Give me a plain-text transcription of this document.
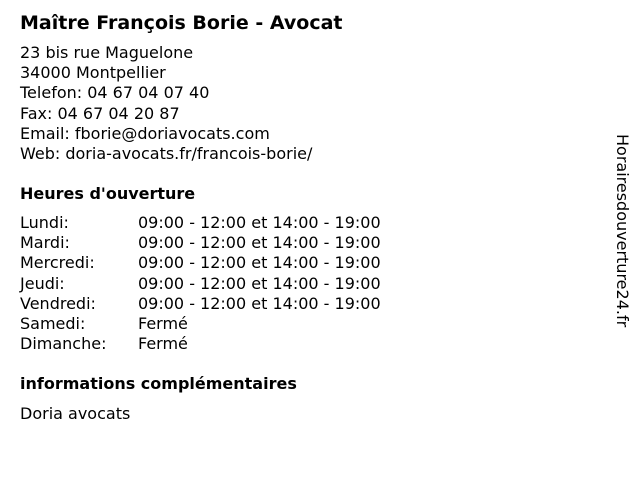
Maître François Borie - Avocat
23 bis rue Maguelone
34000 Montpellier
Telefon: 04 67 04 07 40
Fax: 04 67 04 20 87
Email: fborie@doriavocats.com
Web: doria-avocats.fr/francois-borie/
Heures d'ouverture
Lundi:	09:00 - 12:00 et 14:00 - 19:00
Mardi:	09:00 - 12:00 et 14:00 - 19:00
Mercredi:	09:00 - 12:00 et 14:00 - 19:00
Jeudi:	09:00 - 12:00 et 14:00 - 19:00
Vendredi:	09:00 - 12:00 et 14:00 - 19:00
Samedi:	Fermé
Dimanche:	Fermé
informations complémentaires
Doria avocats
Horairesdouverture24.fr
